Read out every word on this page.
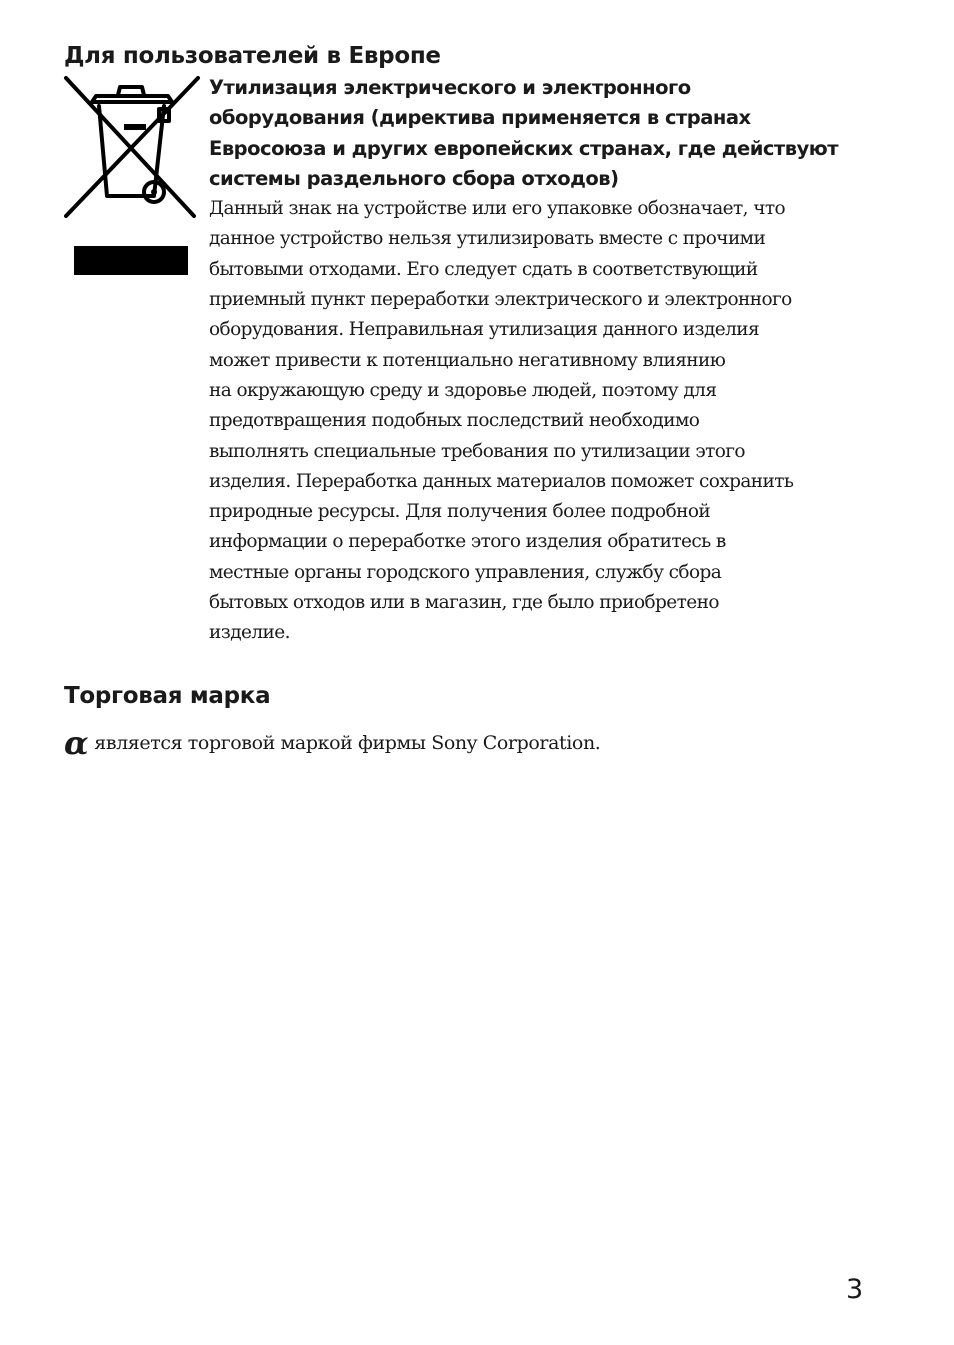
Для пользователей в Европе
Утилизация электрического и электронного
оборудования (директива применяется в странах
Евросоюза и других европейских странах, где действуют
системы раздельного сбора отходов)

Данный знак на устройстве или его упаковке обозначает, что
данное устройство нельзя утилизировать вместе с прочими
бытовыми отходами. Его следует сдать в соответствующий
приемный пункт переработки электрического и электронного
оборудования. Неправильная утилизация данного изделия
может привести к потенциально негативному влиянию
на окружающую среду и здоровье людей, поэтому для
предотвращения подобных последствий необходимо
выполнять специальные требования по утилизации этого
изделия. Переработка данных материалов поможет сохранить
природные ресурсы. Для получения более подробной
информации о переработке этого изделия обратитесь в
местные органы городского управления, службу сбора
бытовых отходов или в магазин, где было приобретено
изделие.

Торговая марка
α является торговой маркой фирмы Sony Corporation.
3
